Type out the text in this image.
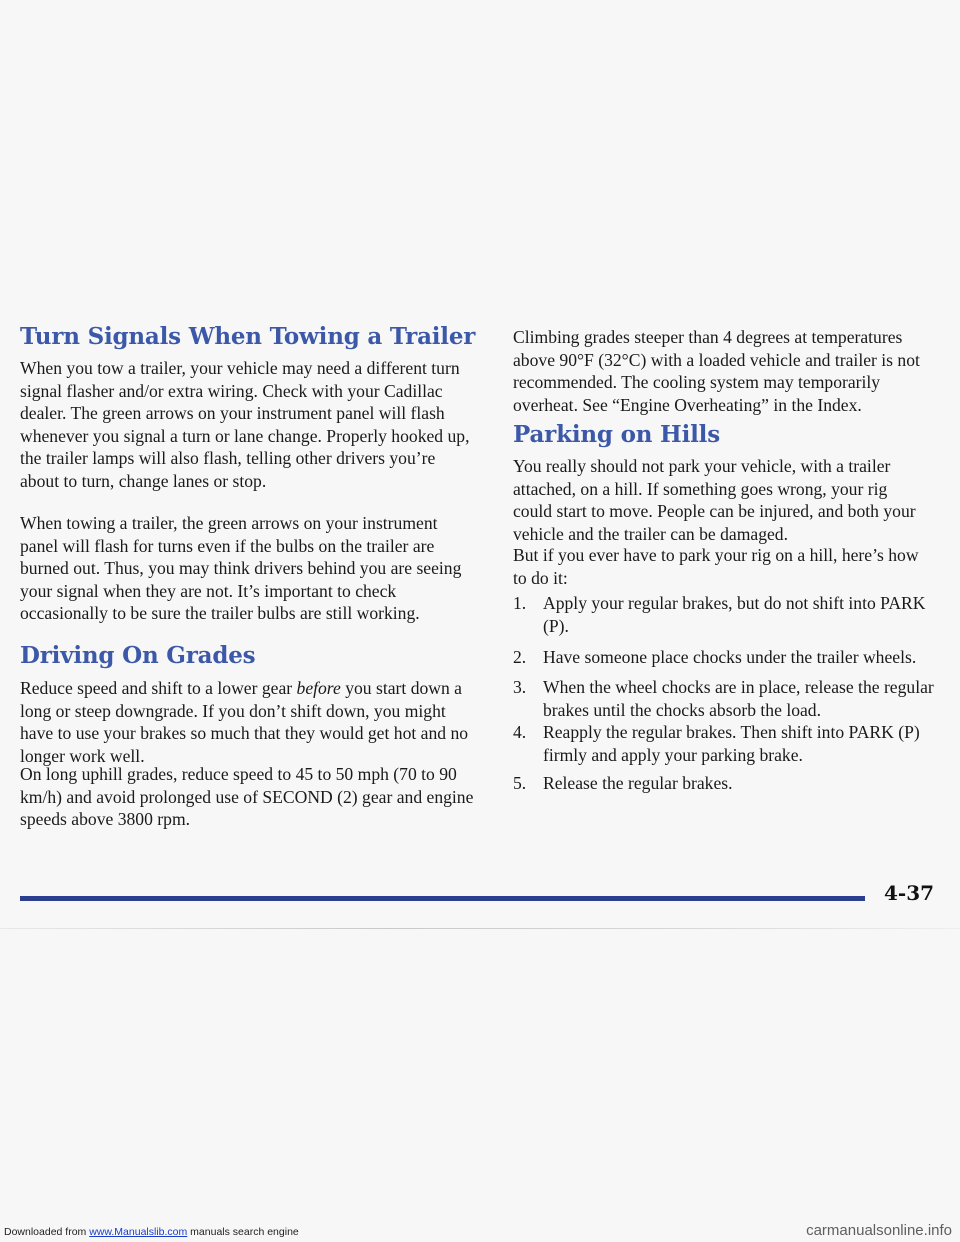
Turn Signals When Towing a Trailer

When you tow a trailer, your vehicle may need a different turn signal flasher and/or extra wiring. Check with your Cadillac dealer. The green arrows on your instrument panel will flash whenever you signal a turn or lane change. Properly hooked up, the trailer lamps will also flash, telling other drivers you’re about to turn, change lanes or stop.

When towing a trailer, the green arrows on your instrument panel will flash for turns even if the bulbs on the trailer are burned out. Thus, you may think drivers behind you are seeing your signal when they are not. It’s important to check occasionally to be sure the trailer bulbs are still working.

Driving On Grades

Reduce speed and shift to a lower gear before you start down a long or steep downgrade. If you don’t shift down, you might have to use your brakes so much that they would get hot and no longer work well.

On long uphill grades, reduce speed to 45 to 50 mph (70 to 90 km/h) and avoid prolonged use of SECOND (2) gear and engine speeds above 3800 rpm.

Climbing grades steeper than 4 degrees at temperatures above 90°F (32°C) with a loaded vehicle and trailer is not recommended. The cooling system may temporarily overheat. See “Engine Overheating” in the Index.

Parking on Hills

You really should not park your vehicle, with a trailer attached, on a hill. If something goes wrong, your rig could start to move. People can be injured, and both your vehicle and the trailer can be damaged.

But if you ever have to park your rig on a hill, here’s how to do it:

1. Apply your regular brakes, but do not shift into PARK (P).
2. Have someone place chocks under the trailer wheels.
3. When the wheel chocks are in place, release the regular brakes until the chocks absorb the load.
4. Reapply the regular brakes. Then shift into PARK (P) firmly and apply your parking brake.
5. Release the regular brakes.
4-37
Downloaded from www.Manualslib.com manuals search engine	carmanualsonline.info
